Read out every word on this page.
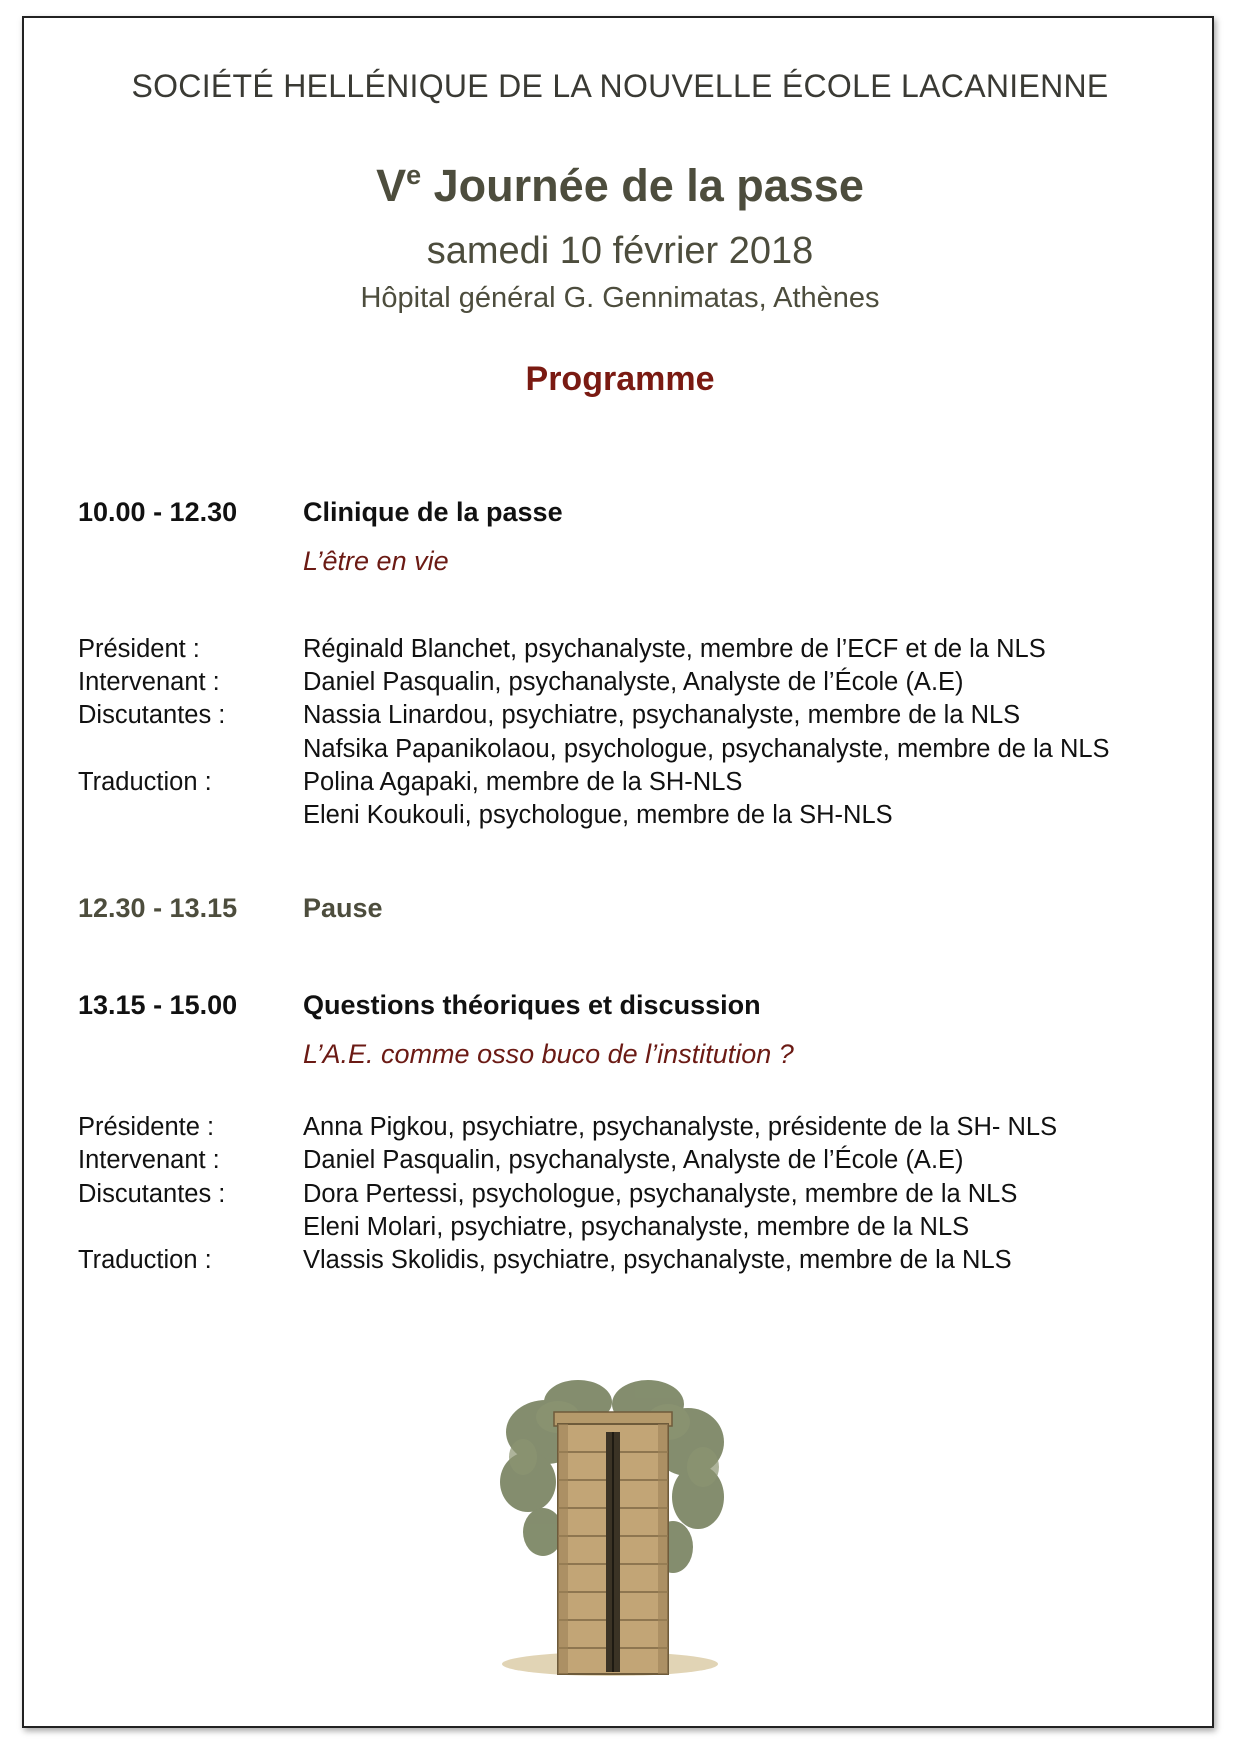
SOCIÉTÉ HELLÉNIQUE DE LA NOUVELLE ÉCOLE LACANIENNE
Ve Journée de la passe
samedi 10 février 2018
Hôpital général G. Gennimatas, Athènes
Programme
10.00 - 12.30 Clinique de la passe
L’être en vie
Président :	Réginald Blanchet, psychanalyste, membre de l’ECF et de la NLS
Intervenant :	Daniel Pasqualin, psychanalyste, Analyste de l’École (A.E)
Discutantes :	Nassia Linardou, psychiatre, psychanalyste, membre de la NLS
Nafsika Papanikolaou, psychologue, psychanalyste, membre de la NLS
Traduction :	Polina Agapaki, membre de la SH-NLS
Eleni Koukouli, psychologue, membre de la SH-NLS
12.30 - 13.15 Pause
13.15 - 15.00 Questions théoriques et discussion
L’A.E. comme osso buco de l’institution ?
Présidente :	Anna Pigkou, psychiatre, psychanalyste, présidente de la SH- NLS
Intervenant :	Daniel Pasqualin, psychanalyste, Analyste de l’École (A.E)
Discutantes :	Dora Pertessi, psychologue, psychanalyste, membre de la NLS
Eleni Molari, psychiatre, psychanalyste, membre de la NLS
Traduction :	Vlassis Skolidis, psychiatre, psychanalyste, membre de la NLS
